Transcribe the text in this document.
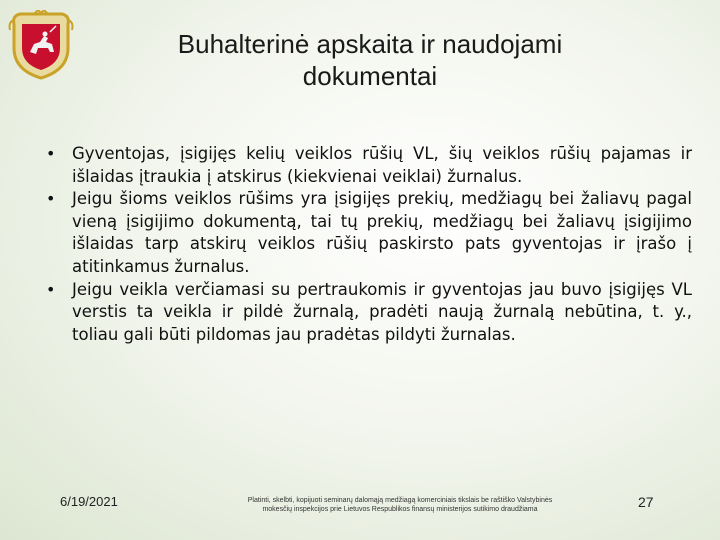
Buhalterinė apskaita ir naudojami
dokumentai
• Gyventojas, įsigijęs kelių veiklos rūšių VL, šių veiklos rūšių pajamas ir išlaidas įtraukia į atskirus (kiekvienai veiklai) žurnalus.
• Jeigu šioms veiklos rūšims yra įsigijęs prekių, medžiagų bei žaliavų pagal vieną įsigijimo dokumentą, tai tų prekių, medžiagų bei žaliavų įsigijimo išlaidas tarp atskirų veiklos rūšių paskirsto pats gyventojas ir įrašo į atitinkamus žurnalus.
• Jeigu veikla verčiamasi su pertraukomis ir gyventojas jau buvo įsigijęs VL verstis ta veikla ir pildė žurnalą, pradėti naują žurnalą nebūtina, t. y., toliau gali būti pildomas jau pradėtas pildyti žurnalas.
6/19/2021	Platinti, skelbti, kopijuoti seminarų dalomąją medžiagą komerciniais tikslais be raštiško Valstybinės
mokesčių inspekcijos prie Lietuvos Respublikos finansų ministerijos sutikimo draudžiama	27
